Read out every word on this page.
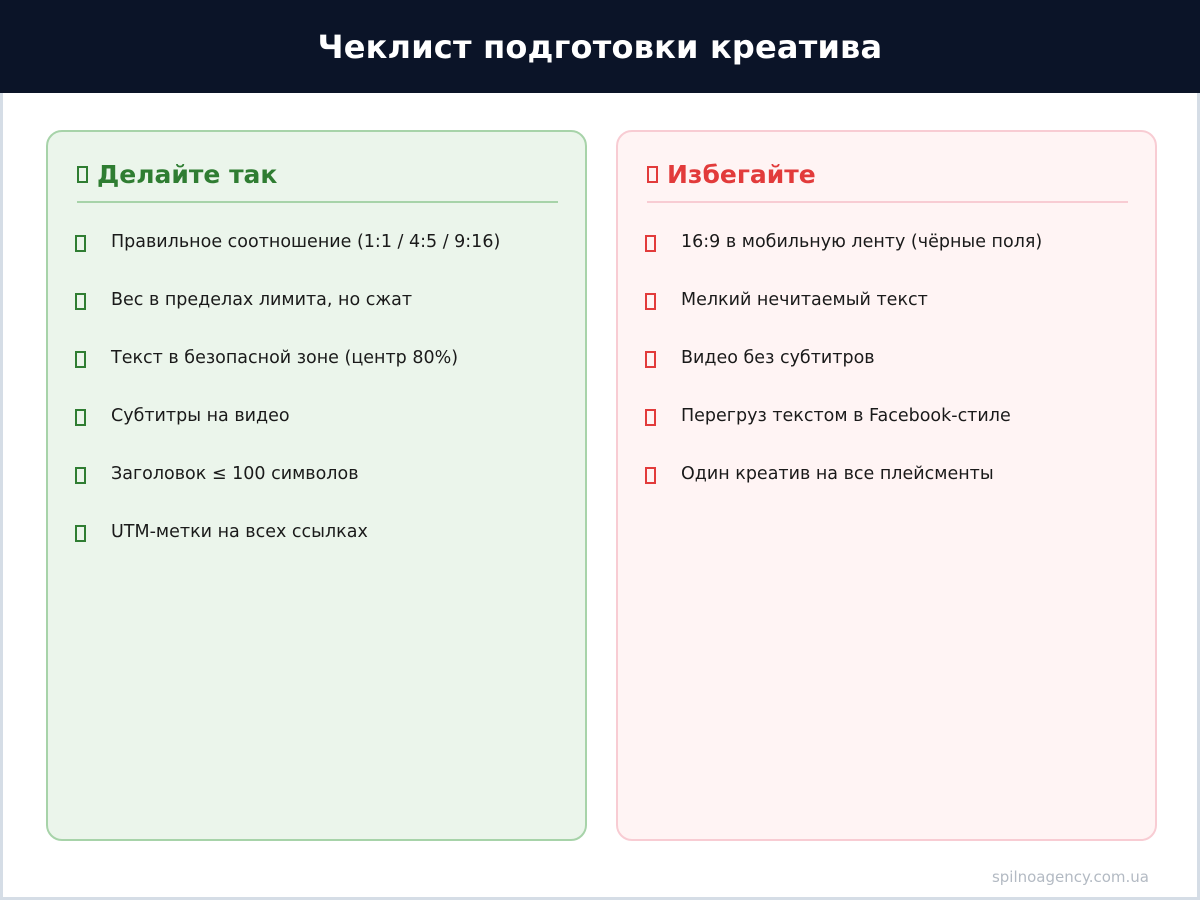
Чеклист подготовки креатива
Делайте так
Правильное соотношение (1:1 / 4:5 / 9:16)
Вес в пределах лимита, но сжат
Текст в безопасной зоне (центр 80%)
Субтитры на видео
Заголовок ≤ 100 символов
UTM-метки на всех ссылках
Избегайте
16:9 в мобильную ленту (чёрные поля)
Мелкий нечитаемый текст
Видео без субтитров
Перегруз текстом в Facebook-стиле
Один креатив на все плейсменты
spilnoagency.com.ua
